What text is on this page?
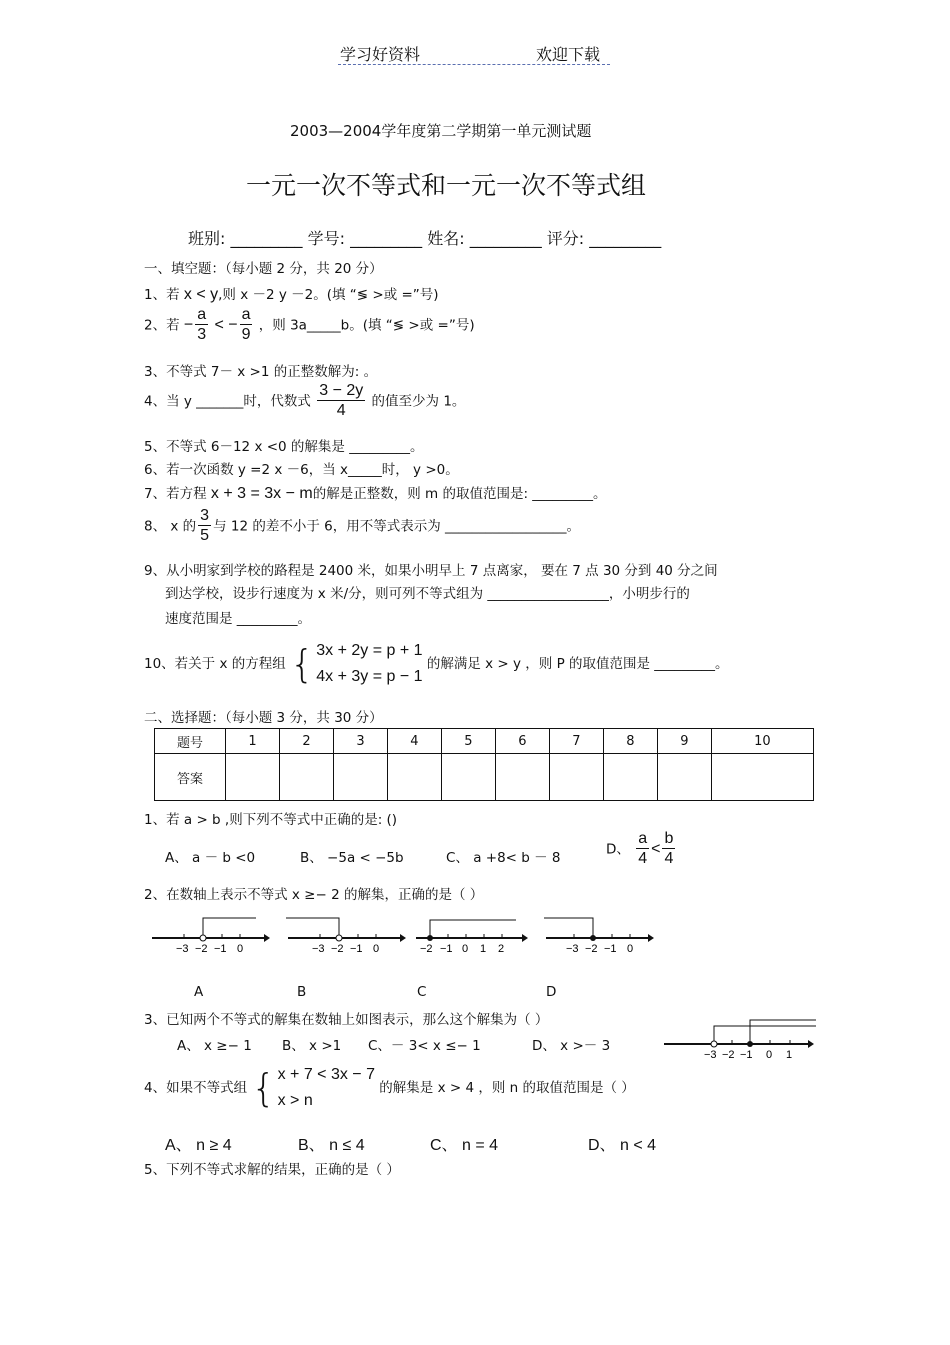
学习好资料	欢迎下载
2003—2004学年度第二学期第一单元测试题
一元一次不等式和一元一次不等式组
班别: _________ 学号: _________ 姓名: _________ 评分: _________
一、填空题：（每小题 2 分，共 20 分）
1、若 x < y,则 x －2 y －2。(填 “≶ >或 =”号)
2、若 − $\frac{a}{3}$ < − $\frac{a}{9}$ ，则 3a_____b。(填 “≶ >或 =”号)
3、不等式 7－ x >1 的正整数解为: 。
4、当 y _______时，代数式 $\frac{3 - 2y}{4}$ 的值至少为 1。
5、不等式 6－12 x <0 的解集是 _________。
6、若一次函数 y =2 x －6，当 x_____时， y >0。
7、若方程 x + 3 = 3x − m的解是正整数，则 m 的取值范围是: _________。
8、 x 的 $\frac{3}{5}$ 与 12 的差不小于 6，用不等式表示为 __________________。
9、从小明家到学校的路程是 2400 米，如果小明早上 7 点离家， 要在 7 点 30 分到 40 分之间
到达学校，设步行速度为 x 米/分，则可列不等式组为 __________________，小明步行的
速度范围是 _________。
10、若关于 x 的方程组 { 3x + 2y = p + 1
4x + 3y = p − 1 的解满足 x > y ，则 P 的取值范围是 _________。
二、选择题：（每小题 3 分，共 30 分）
题号	1	2	3	4	5	6	7	8	9	10
答案										
1、若 a > b ,则下列不等式中正确的是: ()
A、 a － b <0	B、 −5a < −5b	C、 a +8< b － 8
D、 $\frac{a}{4} < \frac{b}{4}$
2、在数轴上表示不等式 x ≥− 2 的解集，正确的是（ ）
−3 −2 −1 0	−3 −2 −1 0	−2 −1 0 1 2	−3 −2 −1 0
A	B	C	D
3、已知两个不等式的解集在数轴上如图表示，那么这个解集为（ ）
A、 x ≥− 1 B、 x >1 C、－ 3< x ≤− 1	D、 x >－ 3
−3 −2 −1 0 1
4、如果不等式组 { x + 7 < 3x − 7
x > n 的解集是 x > 4 ，则 n 的取值范围是（ ）
A、 n ≥ 4	B、 n ≤ 4	C、 n = 4	D、 n < 4
5、下列不等式求解的结果，正确的是（ ）
